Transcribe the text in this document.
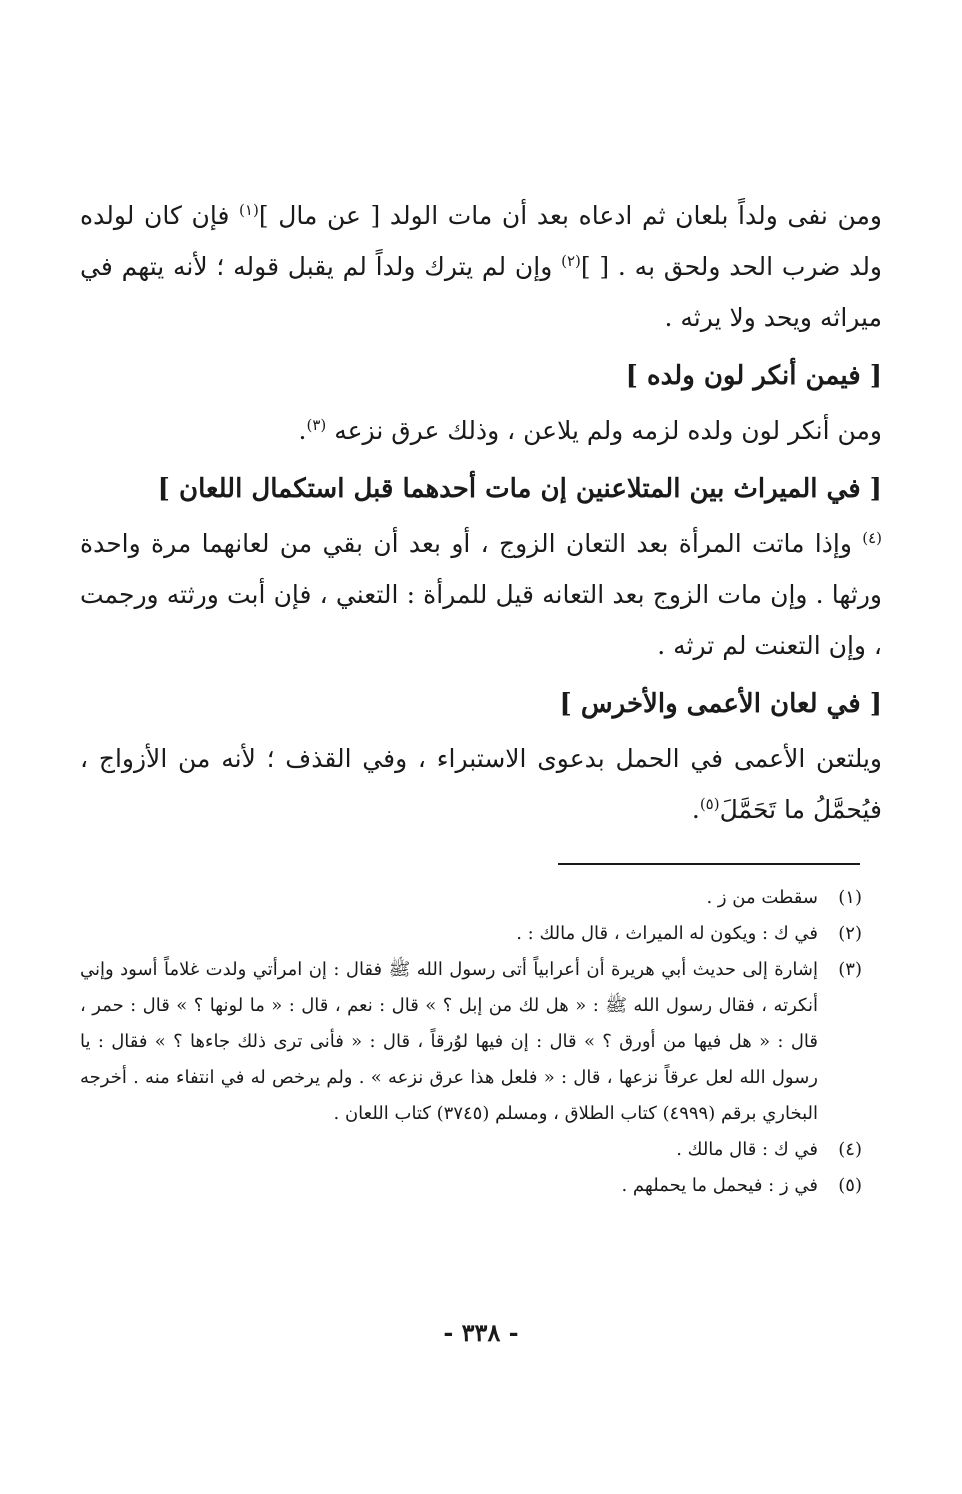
ومن نفى ولداً بلعان ثم ادعاه بعد أن مات الولد [ عن مال ]$^{(١)}$ فإن كان لولده ولد ضرب الحد ولحق به . [ ]$^{(٢)}$ وإن لم يترك ولداً لم يقبل قوله ؛ لأنه يتهم في ميراثه ويحد ولا يرثه .

[ فيمن أنكر لون ولده ]

ومن أنكر لون ولده لزمه ولم يلاعن ، وذلك عرق نزعه $^{(٣)}$.

[ في الميراث بين المتلاعنين إن مات أحدهما قبل استكمال اللعان ]

$^{(٤)}$ وإذا ماتت المرأة بعد التعان الزوج ، أو بعد أن بقي من لعانهما مرة واحدة ورثها . وإن مات الزوج بعد التعانه قيل للمرأة : التعني ، فإن أبت ورثته ورجمت ، وإن التعنت لم ترثه .

[ في لعان الأعمى والأخرس ]

ويلتعن الأعمى في الحمل بدعوى الاستبراء ، وفي القذف ؛ لأنه من الأزواج ، فيُحمَّلُ ما تَحَمَّلَ$^{(٥)}$.

(١)
سقطت من ز .
(٢)
في ك : ويكون له الميراث ، قال مالك : .
(٣)
إشارة إلى حديث أبي هريرة أن أعرابياً أتى رسول الله ﷺ فقال : إن امرأتي ولدت غلاماً أسود وإني أنكرته ، فقال رسول الله ﷺ : « هل لك من إبل ؟ » قال : نعم ، قال : « ما لونها ؟ » قال : حمر ، قال : « هل فيها من أورق ؟ » قال : إن فيها لوُرقاً ، قال : « فأنى ترى ذلك جاءها ؟ » فقال : يا رسول الله لعل عرقاً نزعها ، قال : « فلعل هذا عرق نزعه » . ولم يرخص له في انتفاء منه . أخرجه البخاري برقم (٤٩٩٩) كتاب الطلاق ، ومسلم (٣٧٤٥) كتاب اللعان .
(٤)
في ك : قال مالك .
(٥)
في ز : فيحمل ما يحملهم .
- ٣٣٨ -
